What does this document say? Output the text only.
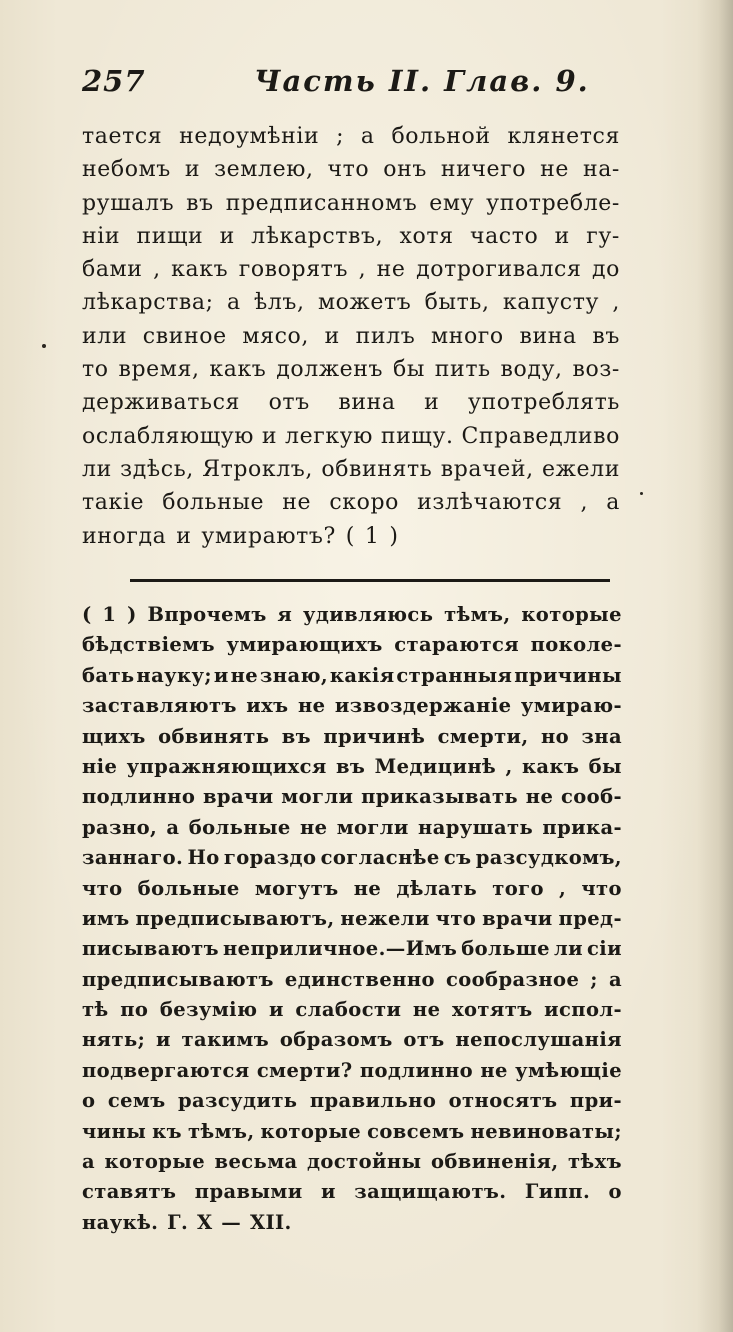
257	Часть II. Глав. 9.
тается недоумѣнiи ; а больной клянется
небомъ и землею, что онъ ничего не на-
рушалъ въ предписанномъ ему употребле-
нiи пищи и лѣкарствъ, хотя часто и гу-
бами , какъ говорятъ , не дотрогивался до
лѣкарства; а ѣлъ, можетъ быть, капусту ,
или свиное мясо, и пилъ много вина въ
то время, какъ долженъ бы пить воду, воз-
держиваться отъ вина и употреблять
ослабляющую и легкую пищу. Справедливо
ли здѣсь, Ятроклъ, обвинять врачей, ежели
такiе больные не скоро излѣчаются , а
иногда и умираютъ? ( 1 )
( 1 ) Впрочемъ я удивляюсь тѣмъ, которые
бѣдствiемъ умирающихъ стараются поколе-
бать науку; и не знаю, какiя странныя причины
заставляютъ ихъ не извоздержанiе умираю-
щихъ обвинять въ причинѣ смерти, но зна
нiе упражняющихся въ Медицинѣ , какъ бы
подлинно врачи могли приказывать не сооб-
разно, а больные не могли нарушать прика-
заннаго. Но гораздо согласнѣе съ разсудкомъ,
что больные могутъ не дѣлать того , что
имъ предписываютъ, нежели что врачи пред-
писываютъ неприличное.—Имъ больше ли сiи
предписываютъ единственно сообразное ; а
тѣ по безумiю и слабости не хотятъ испол-
нять; и такимъ образомъ отъ непослушанiя
подвергаются смерти? подлинно не умѣющiе
о семъ разсудить правильно относятъ при-
чины къ тѣмъ, которые совсемъ невиноваты;
а которые весьма достойны обвиненiя, тѣхъ
ставятъ правыми и защищаютъ. Гипп. о
наукѣ. Г. X — XII.
